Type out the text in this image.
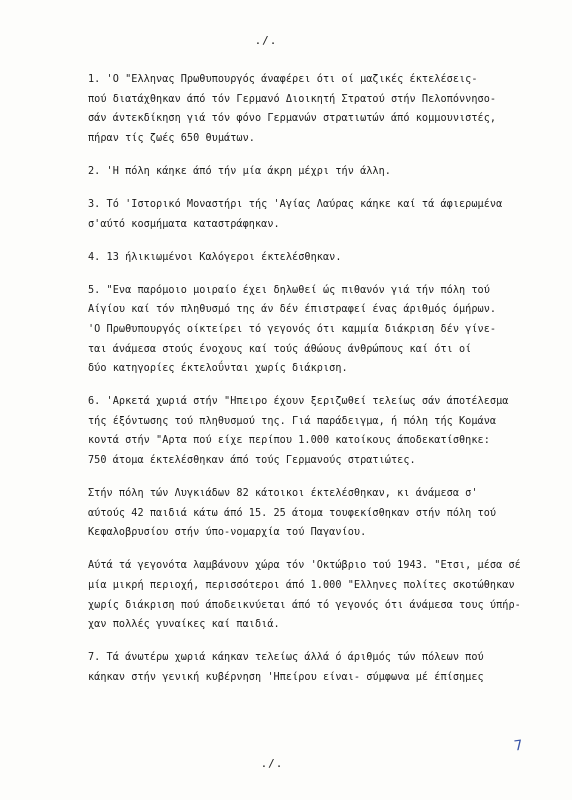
./.
1. 'Ο "Ελληνας Πρωθυπουργός άναφέρει ότι οί μαζικές έκτελέσεις-
πού διατάχθηκαν άπό τόν Γερμανό Διοικητή Στρατού στήν Πελοπόννησο-
σάν άντεκδίκηση γιά τόν φόνο Γερμανών στρατιωτών άπό κομμουνιστές,
πήραν τίς ζωές 650 θυμάτων.
2. 'Η πόλη κάηκε άπό τήν μία άκρη μέχρι τήν άλλη.
3. Τό 'Ιστορικό Μοναστήρι τής 'Αγίας Λαύρας κάηκε καί τά άφιερωμένα
σ'αύτό κοσμήματα καταστράφηκαν.
4. 13 ήλικιωμένοι Καλόγεροι έκτελέσθηκαν.
5. "Ενα παρόμοιο μοιραίο έχει δηλωθεί ώς πιθανόν γιά τήν πόλη τού
Αίγίου καί τόν πληθυσμό της άν δέν έπιστραφεί ένας άριθμός όμήρων.
'Ο Πρωθυπουργός οίκτείρει τό γεγονός ότι καμμία διάκριση δέν γίνε-
ται άνάμεσα στούς ένοχους καί τούς άθώους άνθρώπους καί ότι οί
δύο κατηγορίες έκτελοΰνται χωρίς διάκριση.
6. 'Αρκετά χωριά στήν "Ηπειρο έχουν ξεριζωθεί τελείως σάν άποτέλεσμα
τής έξόντωσης τού πληθυσμού της. Γιά παράδειγμα, ή πόλη τής Κομάνα
κοντά στήν "Αρτα πού είχε περίπου 1.000 κατοίκους άποδεκατίσθηκε:
750 άτομα έκτελέσθηκαν άπό τούς Γερμανούς στρατιώτες.
Στήν πόλη τών Λυγκιάδων 82 κάτοικοι έκτελέσθηκαν, κι άνάμεσα σ'
αύτούς 42 παιδιά κάτω άπό 15. 25 άτομα τουφεκίσθηκαν στήν πόλη τού
Κεφαλοβρυσίου στήν ύπο-νομαρχία τού Παγανίου.
Αύτά τά γεγονότα λαμβάνουν χώρα τόν 'Οκτώβριο τού 1943. "Ετσι, μέσα σέ
μία μικρή περιοχή, περισσότεροι άπό 1.000 "Ελληνες πολίτες σκοτώθηκαν
χωρίς διάκριση πού άποδεικνύεται άπό τό γεγονός ότι άνάμεσα τους ύπήρ-
χαν πολλές γυναίκες καί παιδιά.
7. Τά άνωτέρω χωριά κάηκαν τελείως άλλά ό άριθμός τών πόλεων πού
κάηκαν στήν γενική κυβέρνηση 'Ηπείρου είναι- σύμφωνα μέ έπίσημες
7
./.
